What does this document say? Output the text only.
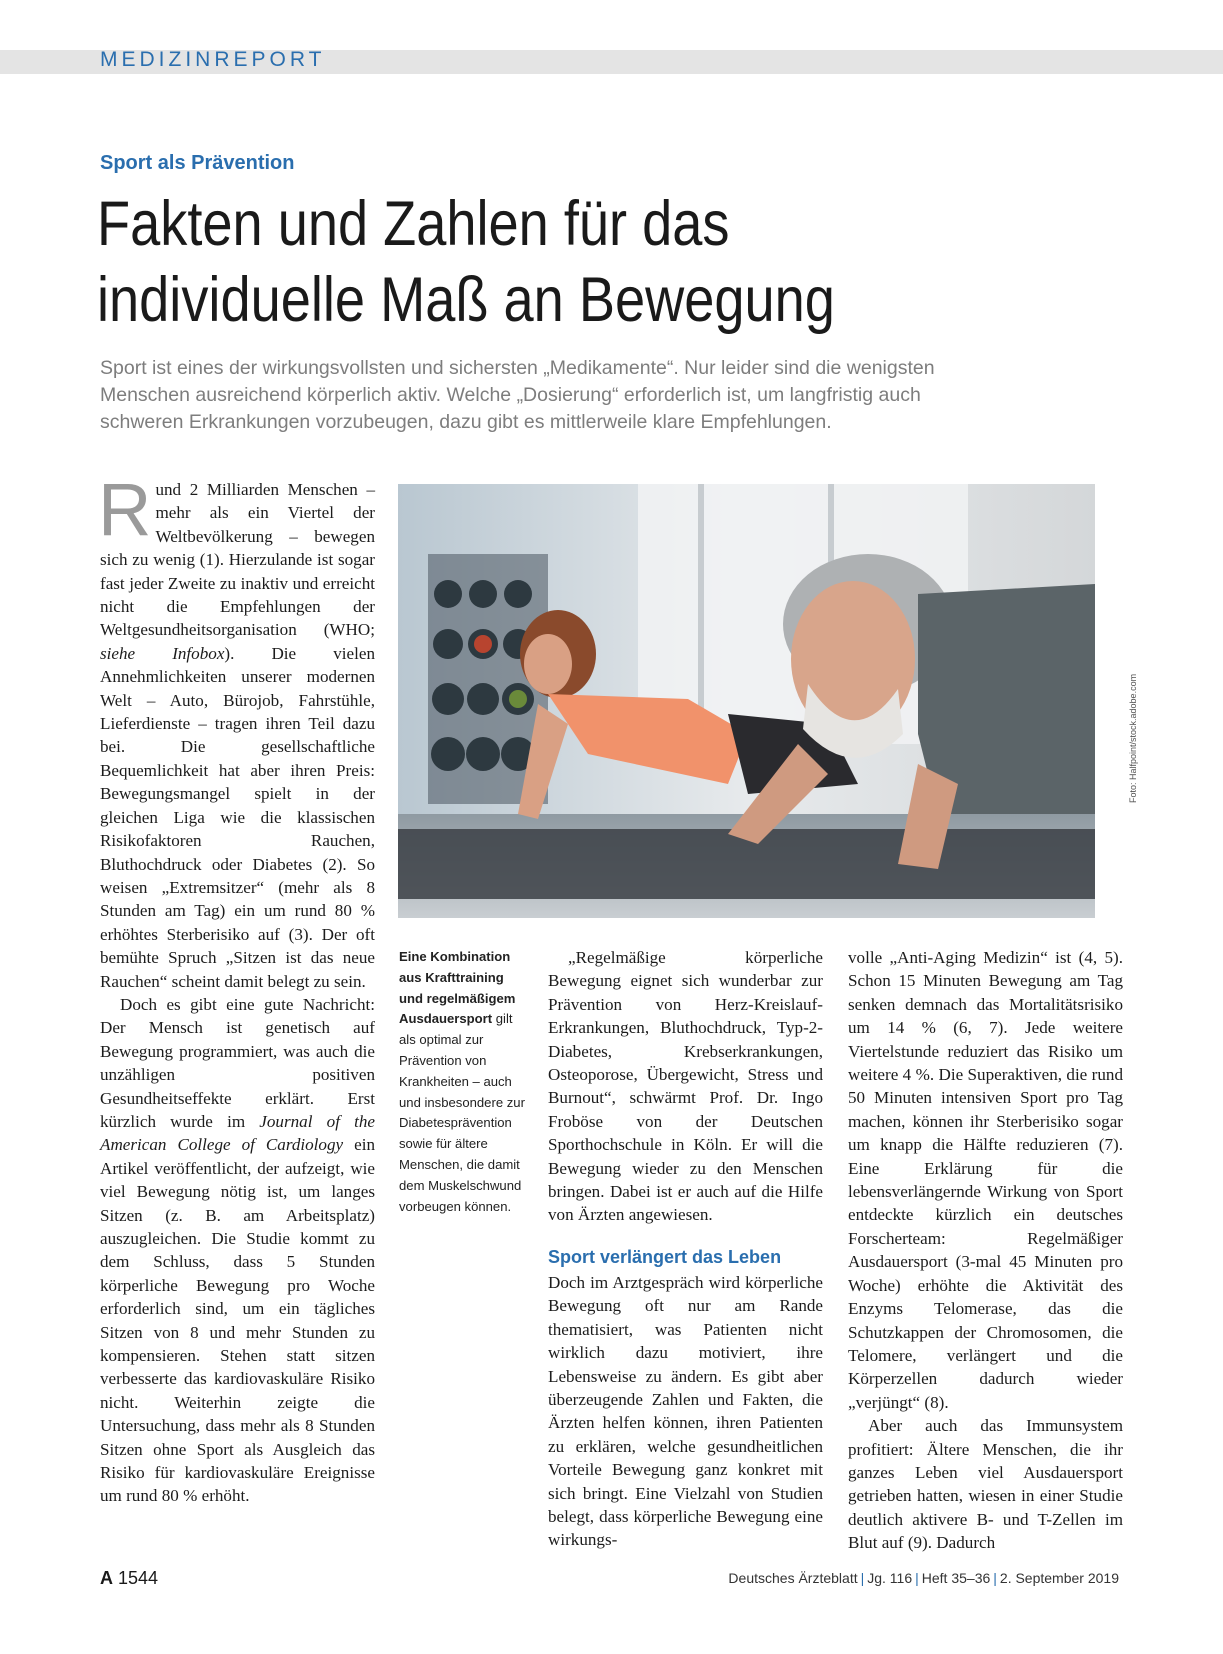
MEDIZINREPORT
Sport als Prävention
Fakten und Zahlen für das
individuelle Maß an Bewegung
Sport ist eines der wirkungsvollsten und sichersten „Medikamente“. Nur leider sind die wenigsten
Menschen ausreichend körperlich aktiv. Welche „Dosierung“ erforderlich ist, um langfristig auch
schweren Erkrankungen vorzubeugen, dazu gibt es mittlerweile klare Empfehlungen.

Rund 2 Milliarden Menschen – mehr als ein Viertel der Weltbevölkerung – bewegen sich zu wenig (1). Hierzulande ist sogar fast jeder Zweite zu inaktiv und erreicht nicht die Empfehlungen der Weltgesundheitsorganisation (WHO; siehe Infobox). Die vielen Annehmlichkeiten unserer modernen Welt – Auto, Bürojob, Fahrstühle, Lieferdienste – tragen ihren Teil dazu bei. Die gesellschaftliche Bequemlichkeit hat aber ihren Preis: Bewegungsmangel spielt in der gleichen Liga wie die klassischen Risikofaktoren Rauchen, Bluthochdruck oder Diabetes (2). So weisen „Extremsitzer“ (mehr als 8 Stunden am Tag) ein um rund 80 % erhöhtes Sterberisiko auf (3). Der oft bemühte Spruch „Sitzen ist das neue Rauchen“ scheint damit belegt zu sein.

Doch es gibt eine gute Nachricht: Der Mensch ist genetisch auf Bewegung programmiert, was auch die unzähligen positiven Gesundheitseffekte erklärt. Erst kürzlich wurde im Journal of the American College of Cardiology ein Artikel veröffentlicht, der aufzeigt, wie viel Bewegung nötig ist, um langes Sitzen (z. B. am Arbeitsplatz) auszugleichen. Die Studie kommt zu dem Schluss, dass 5 Stunden körperliche Bewegung pro Woche erforderlich sind, um ein tägliches Sitzen von 8 und mehr Stunden zu kompensieren. Stehen statt sitzen verbesserte das kardiovaskuläre Risiko nicht. Weiterhin zeigte die Untersuchung, dass mehr als 8 Stunden Sitzen ohne Sport als Ausgleich das Risiko für kardiovaskuläre Ereignisse um rund 80 % erhöht.

Foto: Halfpoint/stock.adobe.com
Eine Kombination aus Krafttraining und regelmäßigem Ausdauersport gilt als optimal zur Prävention von Krankheiten – auch und insbesondere zur Diabetesprävention sowie für ältere Menschen, die damit dem Muskelschwund vorbeugen können.

„Regelmäßige körperliche Bewegung eignet sich wunderbar zur Prävention von Herz-Kreislauf-Erkrankungen, Bluthochdruck, Typ-2-Diabetes, Krebserkrankungen, Osteoporose, Übergewicht, Stress und Burnout“, schwärmt Prof. Dr. Ingo Froböse von der Deutschen Sporthochschule in Köln. Er will die Bewegung wieder zu den Menschen bringen. Dabei ist er auch auf die Hilfe von Ärzten angewiesen.

Sport verlängert das Leben

Doch im Arztgespräch wird körperliche Bewegung oft nur am Rande thematisiert, was Patienten nicht wirklich dazu motiviert, ihre Lebensweise zu ändern. Es gibt aber überzeugende Zahlen und Fakten, die Ärzten helfen können, ihren Patienten zu erklären, welche gesundheitlichen Vorteile Bewegung ganz konkret mit sich bringt. Eine Vielzahl von Studien belegt, dass körperliche Bewegung eine wirkungs-

volle „Anti-Aging Medizin“ ist (4, 5). Schon 15 Minuten Bewegung am Tag senken demnach das Mortalitätsrisiko um 14 % (6, 7). Jede weitere Viertelstunde reduziert das Risiko um weitere 4 %. Die Superaktiven, die rund 50 Minuten intensiven Sport pro Tag machen, können ihr Sterberisiko sogar um knapp die Hälfte reduzieren (7). Eine Erklärung für die lebensverlängernde Wirkung von Sport entdeckte kürzlich ein deutsches Forscherteam: Regelmäßiger Ausdauersport (3-mal 45 Minuten pro Woche) erhöhte die Aktivität des Enzyms Telomerase, das die Schutzkappen der Chromosomen, die Telomere, verlängert und die Körperzellen dadurch wieder „verjüngt“ (8).

Aber auch das Immunsystem profitiert: Ältere Menschen, die ihr ganzes Leben viel Ausdauersport getrieben hatten, wiesen in einer Studie deutlich aktivere B- und T-Zellen im Blut auf (9). Dadurch

A 1544	Deutsches Ärzteblatt | Jg. 116 | Heft 35–36 | 2. September 2019
